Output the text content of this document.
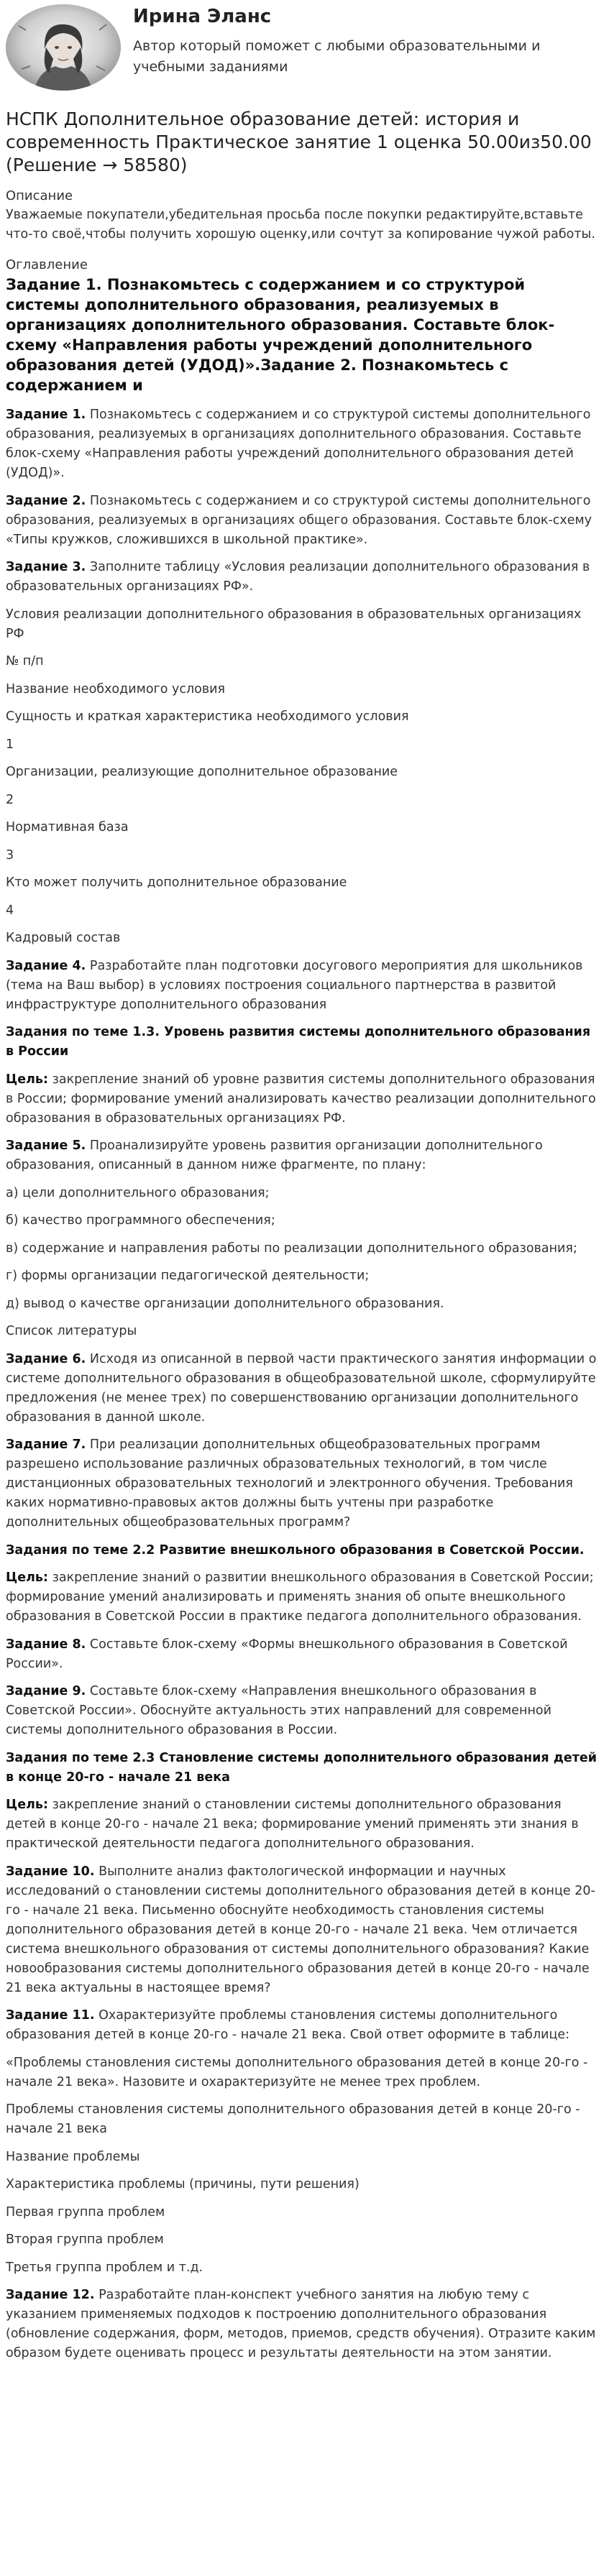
Ирина Эланс
Автор который поможет с любыми образовательными и учебными заданиями
НСПК Дополнительное образование детей: история и современность Практическое занятие 1 оценка 50.00из50.00 (Решение → 58580)
Описание
Уважаемые покупатели,убедительная просьба после покупки редактируйте,вставьте что-то своё,чтобы получить хорошую оценку,или сочтут за копирование чужой работы.
Оглавление
Задание 1. Познакомьтесь с содержанием и со структурой системы дополнительного образования, реализуемых в организациях дополнительного образования. Составьте блок-схему «Направления работы учреждений дополнительного образования детей (УДОД)».Задание 2. Познакомьтесь с содержанием и
Задание 1. Познакомьтесь с содержанием и со структурой системы дополнительного образования, реализуемых в организациях дополнительного образования. Составьте блок-схему «Направления работы учреждений дополнительного образования детей (УДОД)».
Задание 2. Познакомьтесь с содержанием и со структурой системы дополнительного образования, реализуемых в организациях общего образования. Составьте блок-схему «Типы кружков, сложившихся в школьной практике».
Задание 3. Заполните таблицу «Условия реализации дополнительного образования в образовательных организациях РФ».
Условия реализации дополнительного образования в образовательных организациях РФ
№ п/п
Название необходимого условия
Сущность и краткая характеристика необходимого условия
1
Организации, реализующие дополнительное образование
2
Нормативная база
3
Кто может получить дополнительное образование
4
Кадровый состав
Задание 4. Разработайте план подготовки досугового мероприятия для школьников (тема на Ваш выбор) в условиях построения социального партнерства в развитой инфраструктуре дополнительного образования
Задания по теме 1.3. Уровень развития системы дополнительного образования в России
Цель: закрепление знаний об уровне развития системы дополнительного образования в России; формирование умений анализировать качество реализации дополнительного образования в образовательных организациях РФ.
Задание 5. Проанализируйте уровень развития организации дополнительного образования, описанный в данном ниже фрагменте, по плану:
а) цели дополнительного образования;
б) качество программного обеспечения;
в) содержание и направления работы по реализации дополнительного образования;
г) формы организации педагогической деятельности;
д) вывод о качестве организации дополнительного образования.
Список литературы
Задание 6. Исходя из описанной в первой части практического занятия информации о системе дополнительного образования в общеобразовательной школе, сформулируйте предложения (не менее трех) по совершенствованию организации дополнительного образования в данной школе.
Задание 7. При реализации дополнительных общеобразовательных программ разрешено использование различных образовательных технологий, в том числе дистанционных образовательных технологий и электронного обучения. Требования каких нормативно-правовых актов должны быть учтены при разработке дополнительных общеобразовательных программ?
Задания по теме 2.2 Развитие внешкольного образования в Советской России.
Цель: закрепление знаний о развитии внешкольного образования в Советской России; формирование умений анализировать и применять знания об опыте внешкольного образования в Советской России в практике педагога дополнительного образования.
Задание 8. Составьте блок-схему «Формы внешкольного образования в Советской России».
Задание 9. Составьте блок-схему «Направления внешкольного образования в Советской России». Обоснуйте актуальность этих направлений для современной системы дополнительного образования в России.
Задания по теме 2.3 Становление системы дополнительного образования детей в конце 20-го - начале 21 века
Цель: закрепление знаний о становлении системы дополнительного образования детей в конце 20-го - начале 21 века; формирование умений применять эти знания в практической деятельности педагога дополнительного образования.
Задание 10. Выполните анализ фактологической информации и научных исследований о становлении системы дополнительного образования детей в конце 20-го - начале 21 века. Письменно обоснуйте необходимость становления системы дополнительного образования детей в конце 20-го - начале 21 века. Чем отличается система внешкольного образования от системы дополнительного образования? Какие новообразования системы дополнительного образования детей в конце 20-го - начале 21 века актуальны в настоящее время?
Задание 11. Охарактеризуйте проблемы становления системы дополнительного образования детей в конце 20-го - начале 21 века. Свой ответ оформите в таблице:
«Проблемы становления системы дополнительного образования детей в конце 20-го - начале 21 века». Назовите и охарактеризуйте не менее трех проблем.
Проблемы становления системы дополнительного образования детей в конце 20-го - начале 21 века
Название проблемы
Характеристика проблемы (причины, пути решения)
Первая группа проблем
Вторая группа проблем
Третья группа проблем и т.д.
Задание 12. Разработайте план-конспект учебного занятия на любую тему с указанием применяемых подходов к построению дополнительного образования (обновление содержания, форм, методов, приемов, средств обучения). Отразите каким образом будете оценивать процесс и результаты деятельности на этом занятии.
